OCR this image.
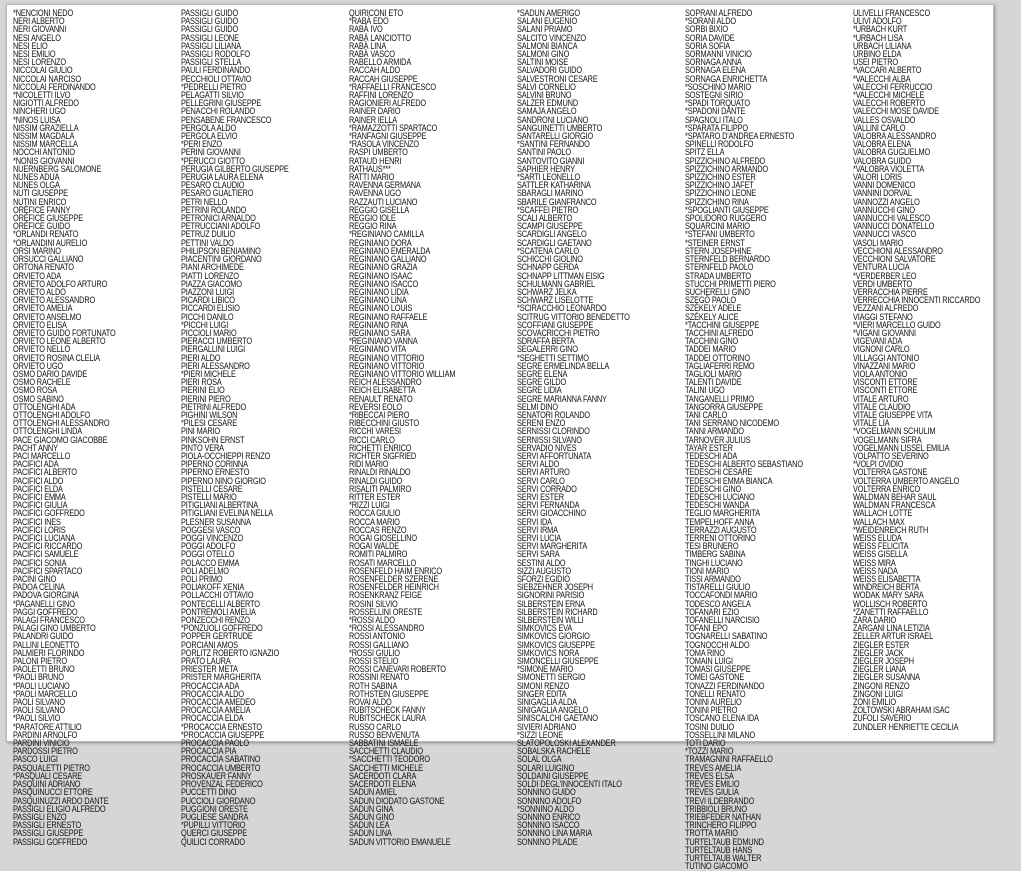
*NENCIONI NEDO
NERI ALBERTO
NERI GIOVANNI
NESI ANGELO
NESI ELIO
NESI EMILIO
NESI LORENZO
NICCOLAI GIULIO
NICCOLAI NARCISO
NICCOLAI FERDINANDO
*NICOLETTI ILVO
NIGIOTTI ALFREDO
NINCHERI UGO
*NINOS LUISA
NISSIM GRAZIELLA
NISSIM MAGDALA
NISSIM MARCELLA
NOCCHI ANTONIO
*NONIS GIOVANNI
NUERNBERG SALOMONE
NUNES ADUA
NUNES OLGA
NUTI GIUSEPPE
NUTINI ENRICO
ORÉFICE FANNY
ORÉFICE GIUSEPPE
ORÉFICE GUIDO
*ORLANDI RENATO
*ORLANDINI AURELIO
ORSI MARINO
ORSUCCI GALLIANO
ORTONA RENATO
ORVIETO ADA
ORVIETO ADOLFO ARTURO
ORVIETO ALDO
ORVIETO ALESSANDRO
ORVIETO AMELIA
ORVIETO ANSELMO
ORVIETO ELISA
ORVIETO GUIDO FORTUNATO
ORVIETO LEONE ALBERTO
ORVIETO NELLO
ORVIETO ROSINA CLELIA
ORVIETO UGO
OSMO DARIO DAVIDE
OSMO RACHELE
OSMO ROSA
OSMO SABINO
OTTOLENGHI ADA
OTTOLENGHI ADOLFO
OTTOLENGHI ALESSANDRO
OTTOLENGHI LINDA
PACE GIACOMO GIACOBBE
PACHT ANNY
PACI MARCELLO
PACIFICI ADA
PACIFICI ALBERTO
PACIFICI ALDO
PACIFICI ELDA
PACIFICI EMMA
PACIFICI GIULIA
PACIFICI GOFFREDO
PACIFICI INES
PACIFICI LORIS
PACIFICI LUCIANA
PACIFICI RICCARDO
PACIFICI SAMUELE
PACIFICI SONIA
PACIFICI SPARTACO
PACINI GINO
PADOA CELINA
PADOVA GIORGINA
*PAGANELLI GINO
PAGGI GOFFREDO
PALAGI FRANCESCO
PALAGI GINO UMBERTO
PALANDRI GUIDO
PALLINI LEONETTO
PALMIERI FLORINDO
PALONI PIETRO
PAOLETTI BRUNO
*PAOLI BRUNO
*PAOLI LUCIANO
*PAOLI MARCELLO
PAOLI SILVANO
PAOLI SILVANO
*PAOLI SILVIO
*PARATORE ATTILIO
PARDINI ARNOLFO
PARDINI VINICIO
PARDOSSI PIETRO
PASCO LUIGI
PASQUALETTI PIETRO
*PASQUALI CESARE
PASQUINI ADRIANO
PASQUINUCCI ETTORE
PASQUINUZZI ARDO DANTE
PASSIGLI ELIGIO ALFREDO
PASSIGLI ENZO
PASSIGLI ERNESTO
PASSIGLI GIUSEPPE
PASSIGLI GOFFREDO
PASSIGLI GUIDO
PASSIGLI GUIDO
PASSIGLI GUIDO
PASSIGLI LEONE
PASSIGLI LILIANA
PASSIGLI RODOLFO
PASSIGLI STELLA
PAULI FERDINANDO
PECCHIOLI OTTAVIO
*PEDRELLI PIETRO
PELAGATTI SILVIO
PELLEGRINI GIUSEPPE
PENACCHI ROLANDO
PENSABENE FRANCESCO
PERGOLA ALDO
PERGOLA ELVIO
*PERI ENZO
PERINI GIOVANNI
*PERUCCI GIOTTO
PERUGIA GILBERTO GIUSEPPE
PERUGIA LAURA ELENA
PESARO CLAUDIO
PESARO GUALTIERO
PETRI NELLO
PETRINI ROLANDO
PETRONICI ARNALDO
PETRUCCIANI ADOLFO
PETRUZ DUILIO
PETTINI VALDO
PHILIPSON BENIAMINO
PIACENTINI GIORDANO
PIANI ARCHIMEDE
PIATTI LORENZO
PIAZZA GIACOMO
PIAZZONI LUIGI
PICARDI LIBICO
PICCARDI ELISIO
PICCHI DANILO
*PICCHI LUIGI
PICCIOLI MARIO
PIERACCI UMBERTO
PIERGALLINI LUIGI
PIERI ALDO
PIERI ALESSANDRO
*PIERI MICHELE
PIERI ROSA
PIERINI ELIO
PIERINI PIERO
PIETRINI ALFREDO
PIGHINI WILSON
*PILESI CESARE
PINI MARIO
PINKSOHN ERNST
PINTO VERA
PIOLA-OCCHIEPPI RENZO
PIPERNO CORINNA
PIPERNO ERNESTO
PIPERNO NINO GIORGIO
PISTELLI CESARE
PISTELLI MARIO
PITIGLIANI ALBERTINA
PITIGLIANI EVELINA NELLA
PLESNER SUSANNA
POGGESI VASCO
POGGI VINCENZO
POGGI ADOLFO
POGGI OTELLO
POLACCO EMMA
POLI ADELMO
POLI PRIMO
POLIAKOFF XENIA
POLLACCHI OTTAVIO
PONTECELLI ALBERTO
PONTREMOLI AMELIA
PONZECCHI RENZO
*PONZUOLI GOFFREDO
POPPER GERTRUDE
PORCIANI AMOS
PORLITZ ROBERTO IGNAZIO
PRATO LAURA
PRIESTER META
PRISTER MARGHERITA
PROCACCIA ADA
PROCACCIA ALDO
PROCACCIA AMEDEO
PROCACCIA AMELIA
PROCACCIA ELDA
*PROCACCIA ERNESTO
*PROCACCIA GIUSEPPE
PROCACCIA PAOLO
PROCACCIA PIA
PROCACCIA SABATINO
PROCACCIA UMBERTO
PROSKAUER FANNY
PROVENZAL FEDERICO
PUCCETTI DINO
PUCCIOLI GIORDANO
PUGGIONI ORESTE
PUGLIESE SANDRA
*PUPILLI VITTORIO
QUERCI GIUSEPPE
QUILICI CORRADO
QUIRICONI ETO
*RABÀ EDO
RABÀ IVO
RABÀ LANCIOTTO
RABÀ LINA
RABÀ VASCO
RABELLO ARMIDA
RACCAH ALDO
RACCAH GIUSEPPE
*RAFFAELLI FRANCESCO
RAFFINI LORENZO
RAGIONIERI ALFREDO
RAINER DARIO
RAINER IELLA
*RAMAZZOTTI SPARTACO
*RANFAGNI GIUSEPPE
*RASOLA VINCENZO
RASPI UMBERTO
RATAUD HENRI
RATHAUS***
RATTI MARIO
RAVENNA GERMANA
RAVENNA UGO
RAZZAUTI LUCIANO
REGGIO GISELLA
REGGIO IOLE
REGGIO RINA
*REGINIANO CAMILLA
REGINIANO DORA
REGINIANO EMERALDA
REGINIANO GALLIANO
REGINIANO GRAZIA
REGINIANO ISAAC
REGINIANO ISACCO
REGINIANO LIDIA
REGINIANO LINA
REGINIANO LOUIS
REGINIANO RAFFAELE
REGINIANO RINA
REGINIANO SARA
*REGINIANO VANNA
REGINIANO VITA
REGINIANO VITTORIO
REGINIANO VITTORIO
REGINIANO VITTORIO WILLIAM
REICH ALESSANDRO
REICH ELISABETTA
RENAULT RENATO
REVERSI EOLO
*RIBECCAI PIERO
RIBECCHINI GIUSTO
RICCHI VARESI
RICCI CARLO
RICHETTI ENRICO
RICHTER SIGFRIED
RIDI MARIO
RINALDI RINALDO
RINALDI GUIDO
RISALITI PALMIRO
RITTER ESTER
*RIZZI LUIGI
ROCCA GIULIO
ROCCA MARIO
ROCCAS RENZO
ROGAI GIOSELLINO
ROGAI WALDE
ROMITI PALMIRO
ROSATI MARCELLO
ROSENFELD HAIM ENRICO
ROSENFELDER SZERENE
ROSENFELDER HEINRICH
ROSENKRANZ FEIGE
ROSINI SILVIO
ROSSELLINI ORESTE
*ROSSI ALDO
*ROSSI ALESSANDRO
ROSSI ANTONIO
ROSSI GALLIANO
*ROSSI GIULIO
ROSSI STELIO
ROSSI CANEVARI ROBERTO
ROSSINI RENATO
ROTH SABINA
ROTHSTEIN GIUSEPPE
ROVAI ALDO
RUBITSCHECK FANNY
RUBITSCHECK LAURA
RUSSO CARLO
RUSSO BENVENUTA
SABBATINI ISMAELE
SACCHETTI CLAUDIO
*SACCHETTI TEODORO
SACCHETTI MICHELE
SACERDOTI CLARA
SACERDOTI ELENA
SADUN AMIEL
SADUN DIODATO GASTONE
SADUN GINA
SADUN GINO
SADUN LEA
SADUN LINA
SADUN VITTORIO EMANUELE
*SADUN AMERIGO
SALANI EUGENIO
SALANI PRIAMO
SALCITO VINCENZO
SALMONI BIANCA
SALMONI GINO
SALTINI MOISE
SALVADORI GUIDO
SALVESTRONI CESARE
SALVI CORNELIO
SALVINI BRUNO
SALZER EDMUND
SAMAJA ANGELO
SANDRONI LUCIANO
SANGUINETTI UMBERTO
SANTARELLI GIORGIO
*SANTINI FERNANDO
SANTINI PAOLO
SANTOVITO GIANNI
SAPHIER HENRY
*SARTI LEONELLO
SATTLER KATHARINA
SBARAGLI MARINO
SBARILE GIANFRANCO
*SCAFFEI PIETRO
SCALI ALBERTO
SCAMPI GIUSEPPE
SCARDIGLI ANGELO
SCARDIGLI GAETANO
*SCATENA CARLO
SCHICCHI GIOLINO
SCHNAPP GERDA
SCHNAPP LITTMAN EISIG
SCHULMANN GABRIEL
SCHWARZ JELKA
SCHWARZ LISELOTTE
*SCIRACCHIO LEONARDO
SCITRUG VITTORIO BENEDETTO
SCOFFIANI GIUSEPPE
SCOVACRICCHI PIETRO
SDRAFFA BERTA
SEGALERRI GINO
*SEGHETTI SETTIMO
SEGRE ERMELINDA BELLA
SEGRE ELENA
SEGRE GILDO
SEGRE LIDIA
SEGRE MARIANNA FANNY
SELMI DINO
SENATORI ROLANDO
SERENI ENZO
SERNISSI CLORINDO
SERNISSI SILVANO
SERVADIO NIVES
SERVI AFFORTUNATA
SERVI ALDO
SERVI ARTURO
SERVI CARLO
SERVI CORRADO
SERVI ESTER
SERVI FERNANDA
SERVI GIOACCHINO
SERVI IDA
SERVI IRMA
SERVI LUCIA
SERVI MARGHERITA
SERVI SARA
SESTINI ALDO
SIZZI AUGUSTO
SFORZI EGIDIO
SIEBZEHNER JOSEPH
SIGNORINI PARISIO
SILBERSTEIN ERNA
SILBERSTEIN RICHARD
SILBERSTEIN WILLI
SIMKOVICS EVA
SIMKOVICS GIORGIO
SIMKOVICS GIUSEPPE
SIMKOVICS NORA
SIMONCELLI GIUSEPPE
*SIMONE MARIO
SIMONETTI SERGIO
SIMONI RENZO
SINGER EDITA
SINIGAGLIA ALDA
SINIGAGLIA ANGELO
SINISCALCHI GAETANO
SIVIERI ADRIANO
*SIZZI LEONE
SLATOPOLOSKI ALEXANDER
SOBALSKA RACHELE
SOLAL OLGA
SOLARI LUIGINO
SOLDAINI GIUSEPPE
SOLDI DEGL'INNOCENTI ITALO
SONNINO GUIDO
SONNINO ADOLFO
*SONNINO ALDO
SONNINO ENRICO
SONNINO ISACCO
SONNINO LINA MARIA
SONNINO PILADE
SOPRANI ALFREDO
*SORANI ALDO
SORBI BIXIO
SORIA DAVIDE
SORIA SOFIA
SORMANNI VINICIO
SORNAGA ANNA
SORNAGA ELENA
SORNAGA ENRICHETTA
*SOSCHINO MARIO
SOSTEGNI SIRIO
*SPADI TORQUATO
*SPADONI DANTE
SPAGNOLI ITALO
*SPARATA FILIPPO
*SPATARO D'ANDREA ERNESTO
SPINELLI RODOLFO
SPITZ ELLA
SPIZZICHINO ALFREDO
SPIZZICHINO ARMANDO
SPIZZICHINO ESTER
SPIZZICHINO JAFET
SPIZZICHINO LEONE
SPIZZICHINO RINA
*SPOGLIANTI GIUSEPPE
SPOLIDORO RUGGERO
SQUARCINI MARIO
*STEFANI UMBERTO
*STEINER ERNST
STERN JOSEPHINE
STERNFELD BERNARDO
STERNFELD PAOLO
STRADA UMBERTO
STUCCHI PRIMETTI PIERO
SUCHERELLI GINO
SZEGÖ PAOLO
SZÉKELY ADELE
SZÉKELY ALICE
*TACCHINI GIUSEPPE
TACCHINI ALFREDO
TACCHINI GINO
TADDEI MARIO
TADDEI OTTORINO
TAGLIAFERRI REMO
TAGLIOLI MARIO
TALENTI DAVIDE
TALINI UGO
TANGANELLI PRIMO
TANGORRA GIUSEPPE
TANI CARLO
TANI SERRANO NICODEMO
TANNI ARMANDO
TARNOVER JULIUS
TAYAR ESTER
TEDESCHI ADA
TEDESCHI ALBERTO SEBASTIANO
TEDESCHI CESARE
TEDESCHI EMMA BIANCA
TEDESCHI GINO
TEDESCHI LUCIANO
TEDESCHI WANDA
TEGLIO MARGHERITA
TEMPELHOFF ANNA
TERRAZZI AUGUSTO
TERRENI OTTORINO
TESI BRUNERO
TIMBERG SABINA
TINGHI LUCIANO
TIONI MARIO
TISSI ARMANDO
TISTARELLI GIULIO
TOCCAFONDI MARIO
TODESCO ANGELA
TOFANARI EZIO
TOFANELLI NARCISIO
TOFANI EPO
TOGNARELLI SABATINO
TOGNOCCHI ALDO
TOMA RINO
TOMAIN LUIGI
TOMASI GIUSEPPE
TOMEI GASTONE
TONAZZI FERDINANDO
TONELLI RENATO
TONINI AURELIO
TONINI PIETRO
TOSCANO ELENA IDA
TOSINI DUILIO
TOSSELLINI MILANO
TOTI DARIO
*TOZZI MARIO
TRAMAGNINI RAFFAELLO
TREVES AMELIA
TREVES ELSA
TREVES EMILIO
TREVES GIULIA
TREVI ILDEBRANDO
TRIBBIOLI BRUNO
TRIEBFEDER NATHAN
TRINCHERO FILIPPO
TROTTA MARIO
TURTELTAUB EDMUND
TURTELTAUB HANS
TURTELTAUB WALTER
TUTINO GIACOMO
ULIVELLI FRANCESCO
ULIVI ADOLFO
*URBACH KURT
*URBACH LISA
URBACH LILIANA
URBINO ELDA
USEI PIETRO
*VACCARI ALBERTO
*VALECCHI ALBA
VALECCHI FERRUCCIO
*VALECCHI MICHELE
VALECCHI ROBERTO
VALECCHI MOSE DAVIDE
VALLES OSVALDO
VALLINI CARLO
VALOBRA ALESSANDRO
VALOBRA ELENA
VALOBRA GUGLIELMO
VALOBRA GUIDO
*VALOBRA VIOLETTA
VALORI LORIS
VANNI DOMENICO
VANNINI DORVAL
VANNOZZI ANGELO
VANNUCCHI GINO
VANNUCCHI VALESCO
VANNUCCI DONATELLO
VANNUCCI VASCO
VASOLI MARIO
VECCHIONI ALESSANDRO
VECCHIONI SALVATORE
VENTURA LUCIA
*VERDERBER LEO
VERDI UMBERTO
VERRACCHIA PIERRE
VERRECCHIA INNOCENTI RICCARDO
VEZZANI ALFREDO
VIAGGI STEFANO
*VIERI MARCELLO GUIDO
*VIGANI GIOVANNI
VIGEVANI ADA
VIGNONI CARLO
VILLAGGI ANTONIO
VINAZZANI MARIO
VIOLA ANTONIO
VISCONTI ETTORE
VISCONTI ETTORE
VITALE ARTURO
VITALE CLAUDIO
VITALE GIUSEPPE VITA
VITALE LIA
*VOGELMANN SCHULIM
VOGELMANN SIFRA
VOGELMANN LISSEL EMILIA
VOLPATTO SEVERINO
*VOLPI OVIDIO
VOLTERRA GASTONE
VOLTERRA UMBERTO ANGELO
VOLTERRA ENRICO
WALDMAN BEHAR SAUL
WALDMAN FRANCESCA
WALLACH LOTTE
WALLACH MAX
*WEIDENREICH RUTH
WEISS ELUDA
WEISS FELICITA
WEISS GISELLA
WEISS MIRA
WEISS NADA
WEISS ELISABETTA
WINDREICH BERTA
WODAK MARY SARA
WOLLISCH ROBERTO
*ZANETTI RAFFAELLO
ZARA DARIO
ZARGANI LINA LETIZIA
ZELLER ARTUR ISRAEL
ZIEGLER ESTER
ZIEGLER JACK
ZIEGLER JOSEPH
ZIEGLER LIANA
ZIEGLER SUSANNA
ZINGONI RENZO
ZINGONI LUIGI
ZONI EMILIO
ZOLTOWSKI ABRAHAM ISAC
ZUFOLI SAVERIO
ZUNDLER HENRIETTE CECILIA
